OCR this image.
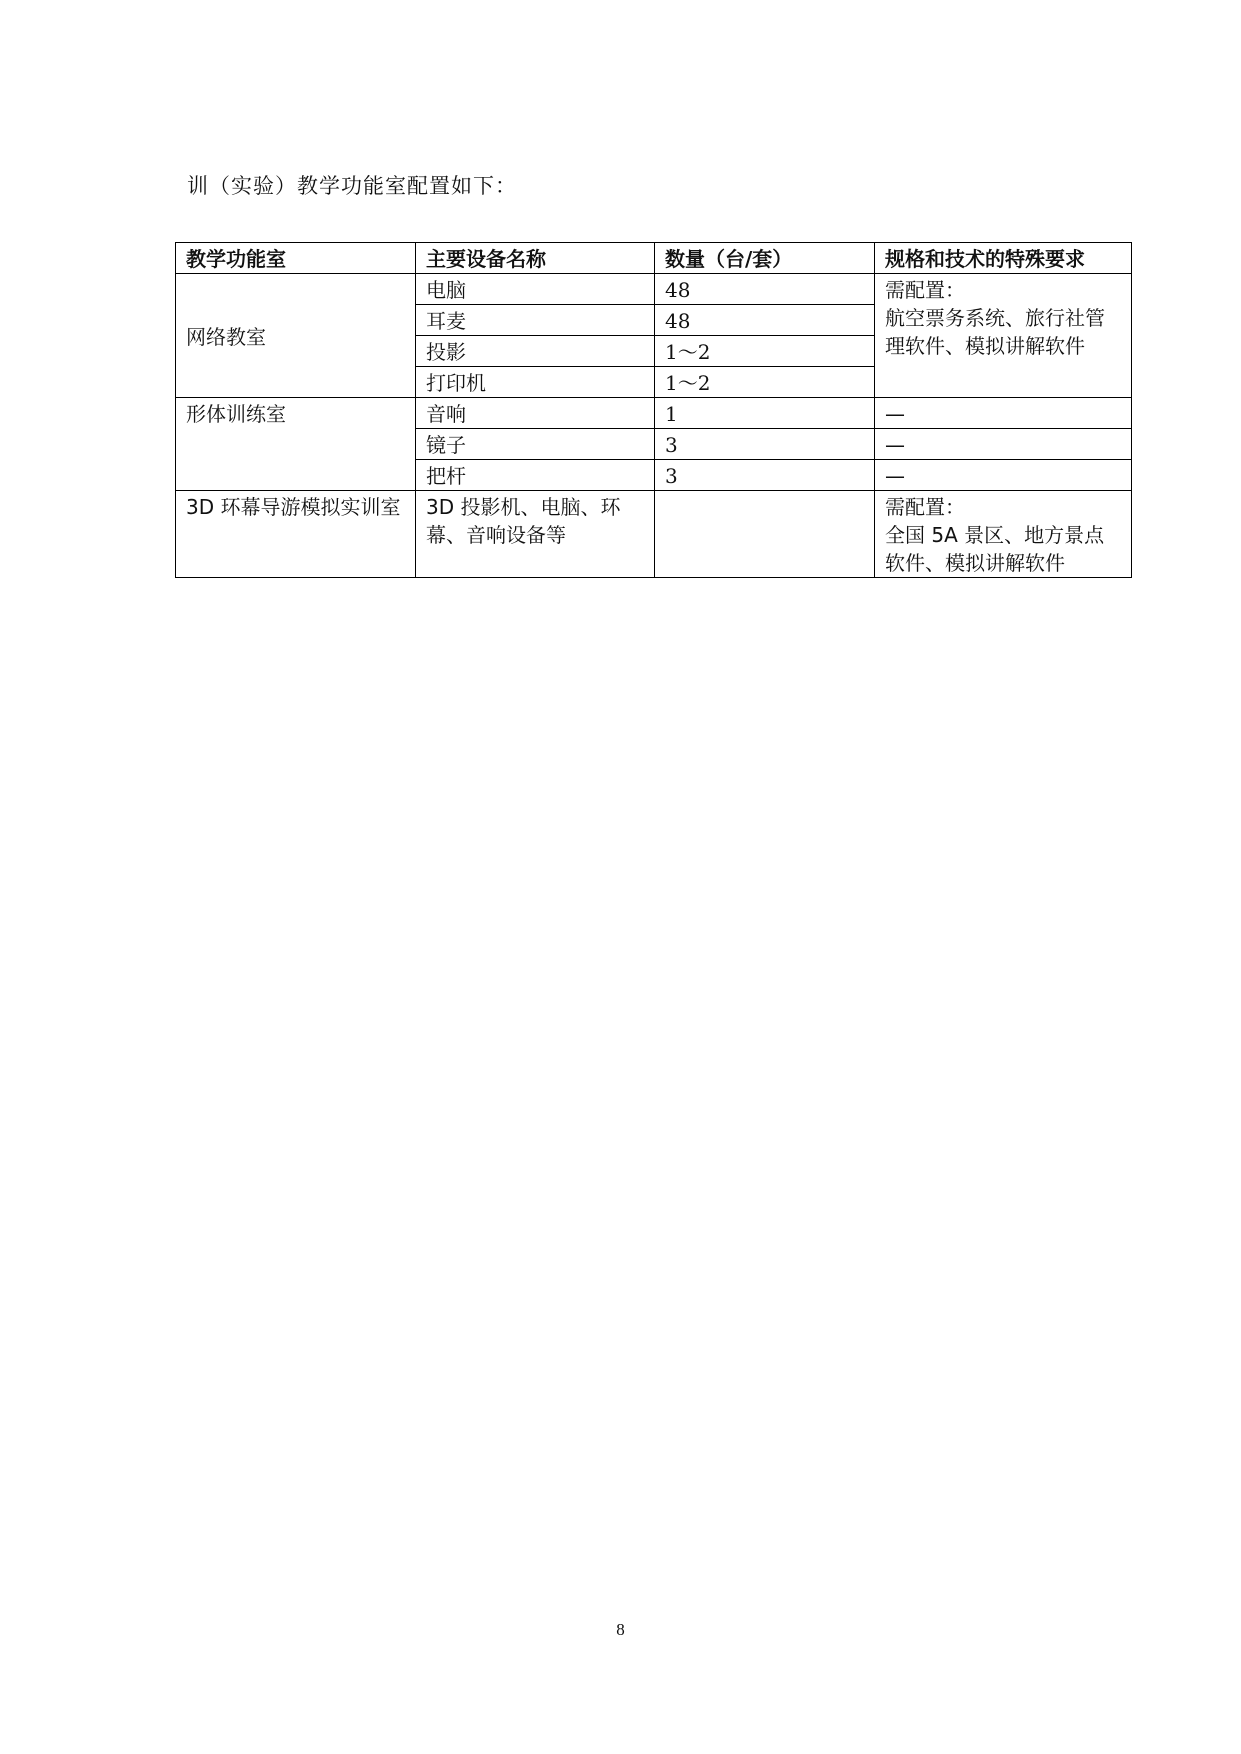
训（实验）教学功能室配置如下：

教学功能室	主要设备名称	数量（台/套）	规格和技术的特殊要求
网络教室	电脑	48	需配置：
航空票务系统、旅行社管理软件、模拟讲解软件
	耳麦	48	
	投影	1～2	
	打印机	1～2	
形体训练室	音响	1	—
	镜子	3	—
	把杆	3	—
3D 环幕导游模拟实训室	3D 投影机、电脑、环幕、音响设备等		需配置：
全国 5A 景区、地方景点软件、模拟讲解软件
8
